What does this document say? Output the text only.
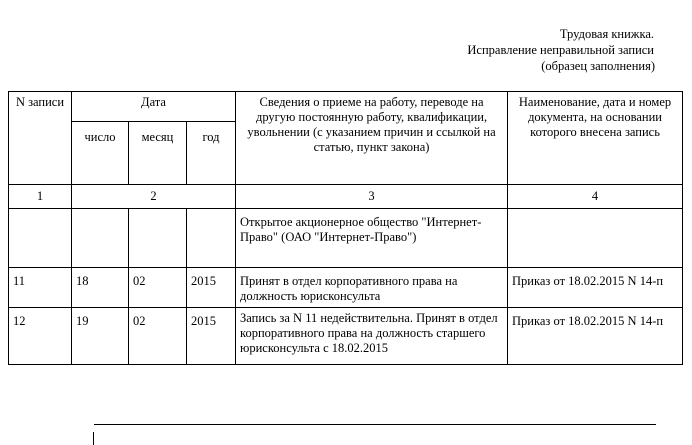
Трудовая книжка.
Исправление неправильной записи
(образец заполнения)
N записи	Дата			Сведения о приеме на работу, переводе на другую постоянную работу, квалификации, увольнении (с указанием причин и ссылкой на статью, пункт закона)	Наименование, дата и номер документа, на основании которого внесена запись
	число	месяц	год		
1	2			3	4
				Открытое акционерное общество "Интернет-Право" (ОАО "Интернет-Право")	
11	18	02	2015	Принят в отдел корпоративного права на должность юрисконсульта	Приказ от 18.02.2015 N 14-п
12	19	02	2015	Запись за N 11 недействительна. Принят в отдел корпоративного права на должность старшего юрисконсульта с 18.02.2015	Приказ от 18.02.2015 N 14-п
